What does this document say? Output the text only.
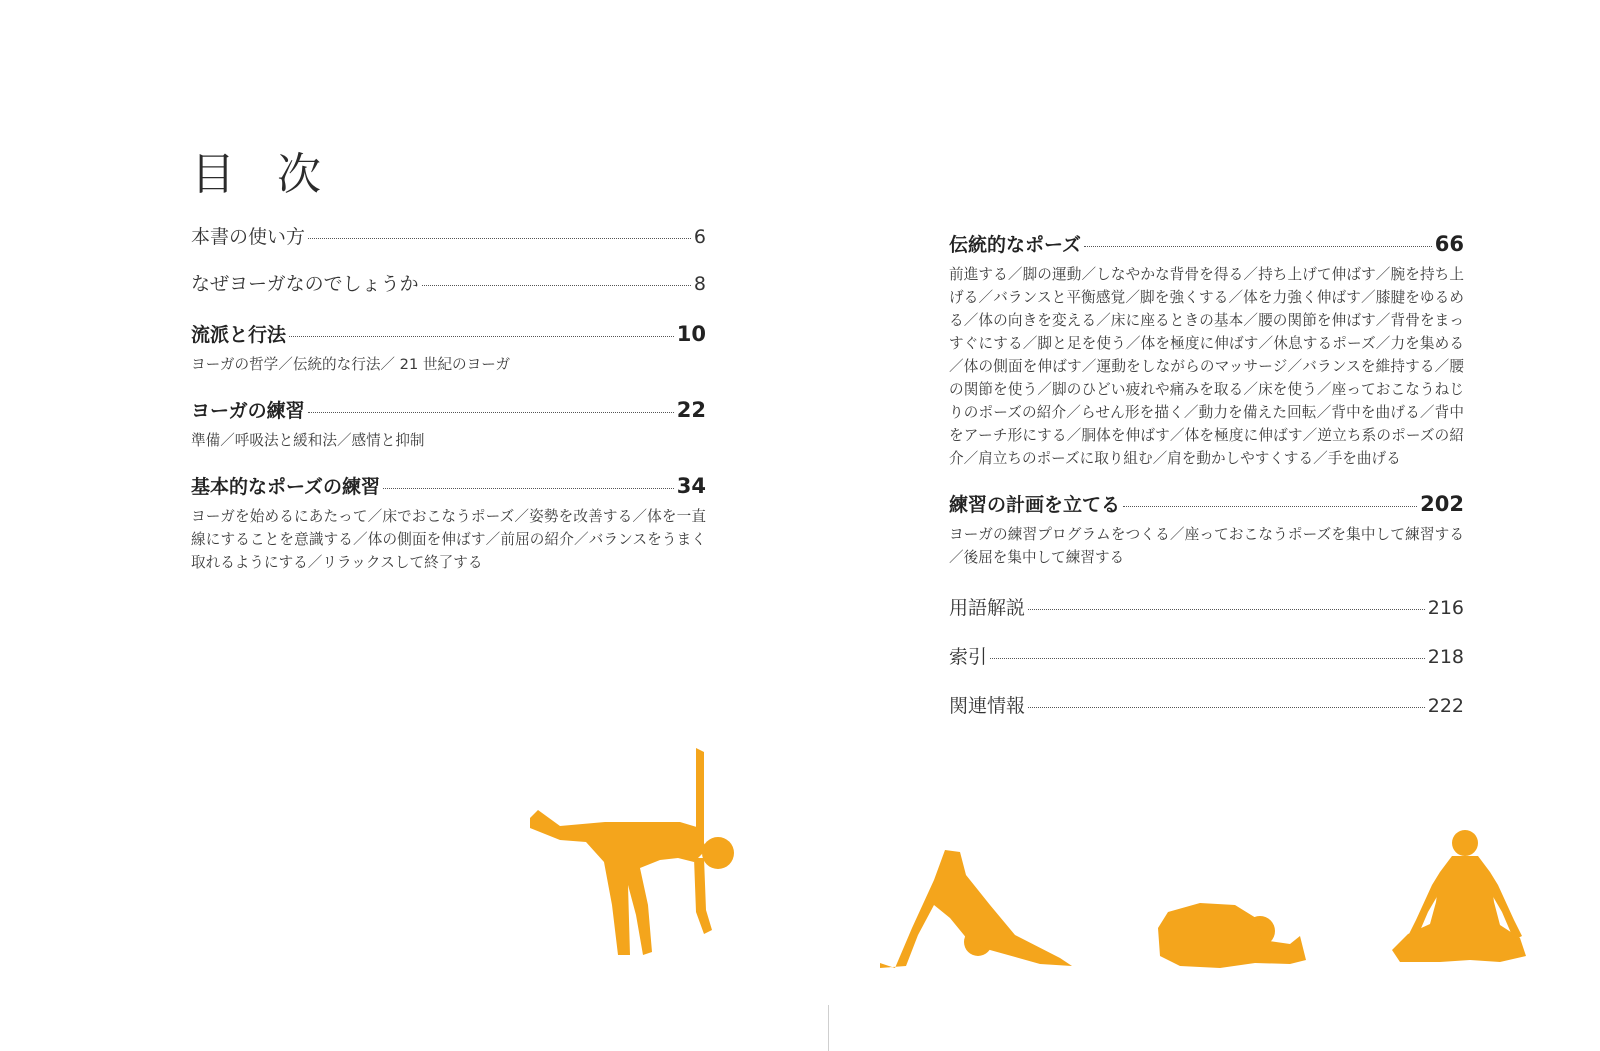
目 次
本書の使い方	6
なぜヨーガなのでしょうか	8
流派と行法	10
ヨーガの哲学／伝統的な行法／ 21 世紀のヨーガ
ヨーガの練習	22
準備／呼吸法と緩和法／感情と抑制
基本的なポーズの練習	34
ヨーガを始めるにあたって／床でおこなうポーズ／姿勢を改善する／体を一直線にすることを意識する／体の側面を伸ばす／前屈の紹介／バランスをうまく取れるようにする／リラックスして終了する
伝統的なポーズ	66
前進する／脚の運動／しなやかな背骨を得る／持ち上げて伸ばす／腕を持ち上げる／バランスと平衡感覚／脚を強くする／体を力強く伸ばす／膝腱をゆるめる／体の向きを変える／床に座るときの基本／腰の関節を伸ばす／背骨をまっすぐにする／脚と足を使う／体を極度に伸ばす／休息するポーズ／力を集める／体の側面を伸ばす／運動をしながらのマッサージ／バランスを維持する／腰の関節を使う／脚のひどい疲れや痛みを取る／床を使う／座っておこなうねじりのポーズの紹介／らせん形を描く／動力を備えた回転／背中を曲げる／背中をアーチ形にする／胴体を伸ばす／体を極度に伸ばす／逆立ち系のポーズの紹介／肩立ちのポーズに取り組む／肩を動かしやすくする／手を曲げる
練習の計画を立てる	202
ヨーガの練習プログラムをつくる／座っておこなうポーズを集中して練習する／後屈を集中して練習する
用語解説	216
索引	218
関連情報	222
